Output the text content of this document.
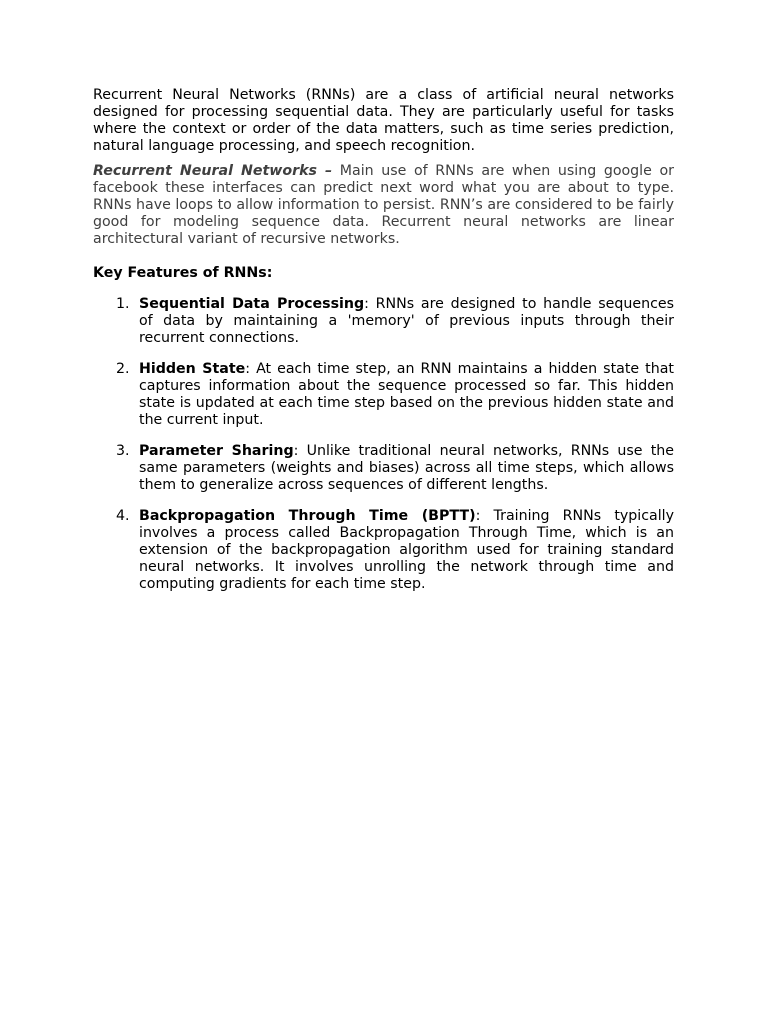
Recurrent Neural Networks (RNNs) are a class of artificial neural networks designed for processing sequential data. They are particularly useful for tasks where the context or order of the data matters, such as time series prediction, natural language processing, and speech recognition.

Recurrent Neural Networks – Main use of RNNs are when using google or facebook these interfaces can predict next word what you are about to type. RNNs have loops to allow information to persist. RNN’s are considered to be fairly good for modeling sequence data. Recurrent neural networks are linear architectural variant of recursive networks.

Key Features of RNNs:

1. Sequential Data Processing: RNNs are designed to handle sequences of data by maintaining a 'memory' of previous inputs through their recurrent connections.
2. Hidden State: At each time step, an RNN maintains a hidden state that captures information about the sequence processed so far. This hidden state is updated at each time step based on the previous hidden state and the current input.
3. Parameter Sharing: Unlike traditional neural networks, RNNs use the same parameters (weights and biases) across all time steps, which allows them to generalize across sequences of different lengths.
4. Backpropagation Through Time (BPTT): Training RNNs typically involves a process called Backpropagation Through Time, which is an extension of the backpropagation algorithm used for training standard neural networks. It involves unrolling the network through time and computing gradients for each time step.
